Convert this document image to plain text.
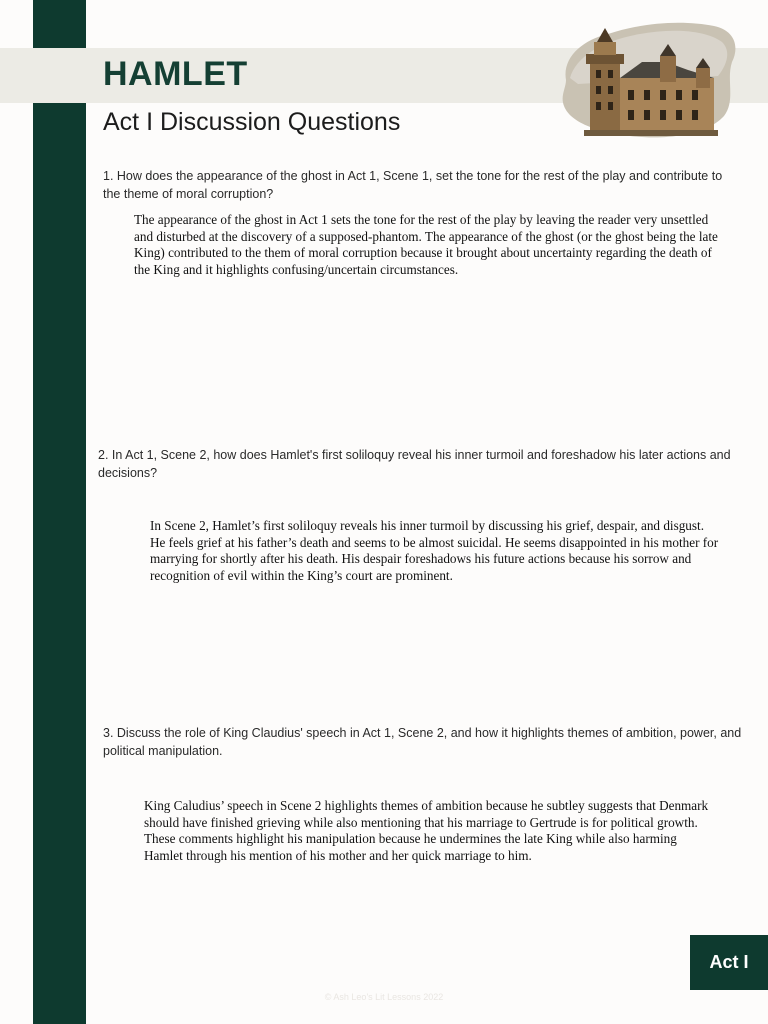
HAMLET
Act I Discussion Questions

1. How does the appearance of the ghost in Act 1, Scene 1, set the tone for the rest of the play and contribute to the theme of moral corruption?

The appearance of the ghost in Act 1 sets the tone for the rest of the play by leaving the reader very unsettled and disturbed at the discovery of a supposed-phantom. The appearance of the ghost (or the ghost being the late King) contributed to the them of moral corruption because it brought about uncertainty regarding the death of the King and it highlights confusing/uncertain circumstances.

2. In Act 1, Scene 2, how does Hamlet's first soliloquy reveal his inner turmoil and foreshadow his later actions and decisions?

In Scene 2, Hamlet’s first soliloquy reveals his inner turmoil by discussing his grief, despair, and disgust. He feels grief at his father’s death and seems to be almost suicidal. He seems disappointed in his mother for marrying for shortly after his death. His despair foreshadows his future actions because his sorrow and recognition of evil within the King’s court are prominent.

3. Discuss the role of King Claudius' speech in Act 1, Scene 2, and how it highlights themes of ambition, power, and political manipulation.

King Caludius’ speech in Scene 2 highlights themes of ambition because he subtley suggests that Denmark should have finished grieving while also mentioning that his marriage to Gertrude is for political growth. These comments highlight his manipulation because he undermines the late King while also harming Hamlet through his mention of his mother and her quick marriage to him.

Act I
© Ash Leo's Lit Lessons 2022
